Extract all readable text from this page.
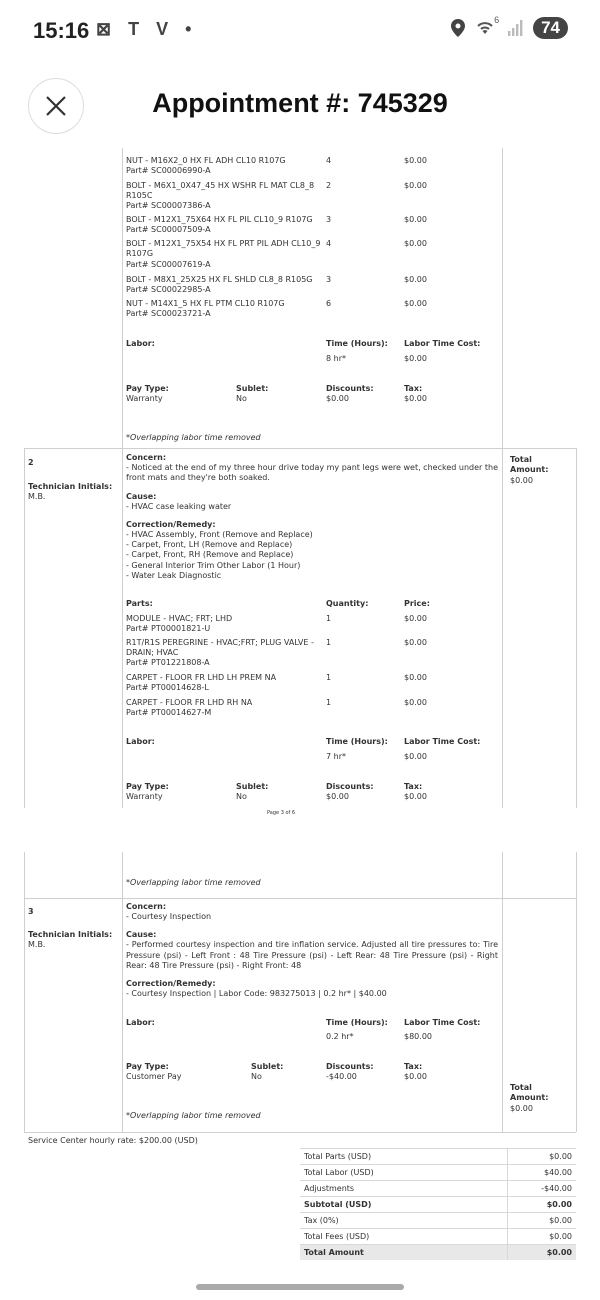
15:16 ⊠ T V •	6	74
Appointment #: 745329
NUT - M16X2_0 HX FL ADH CL10 R107G
Part# SC00006990-A
4	$0.00
BOLT - M6X1_0X47_45 HX WSHR FL MAT CL8_8
R105C
Part# SC00007386-A
2	$0.00
BOLT - M12X1_75X64 HX FL PIL CL10_9 R107G
Part# SC00007509-A
3	$0.00
BOLT - M12X1_75X54 HX FL PRT PIL ADH CL10_9
R107G
Part# SC00007619-A
4	$0.00
BOLT - M8X1_25X25 HX FL SHLD CL8_8 R105G
Part# SC00022985-A
3	$0.00
NUT - M14X1_5 HX FL PTM CL10 R107G
Part# SC00023721-A
6	$0.00
Labor:	Time (Hours): Labor Time Cost:
8 hr*	$0.00
Pay Type:	Sublet:	Discounts:	Tax:
Warranty	No	$0.00	$0.00
*Overlapping labor time removed
2
Technician Initials:
M.B.
Concern:
- Noticed at the end of my three hour drive today my pant legs were wet, checked under the front mats and they're both soaked.
Cause:
- HVAC case leaking water
Correction/Remedy:
- HVAC Assembly, Front (Remove and Replace)
- Carpet, Front, LH (Remove and Replace)
- Carpet, Front, RH (Remove and Replace)
- General Interior Trim Other Labor (1 Hour)
- Water Leak Diagnostic
Parts:	Quantity:	Price:
MODULE - HVAC; FRT; LHD
Part# PT00001821-U
1	$0.00
R1T/R1S PEREGRINE - HVAC;FRT; PLUG VALVE -
DRAIN; HVAC
Part# PT01221808-A
1	$0.00
CARPET - FLOOR FR LHD LH PREM NA
Part# PT00014628-L
1	$0.00
CARPET - FLOOR FR LHD RH NA
Part# PT00014627-M
1	$0.00
Labor:	Time (Hours): Labor Time Cost:
7 hr*	$0.00
Pay Type:	Sublet:	Discounts:	Tax:
Warranty	No	$0.00	$0.00
Total Amount:
$0.00
Page 3 of 6
*Overlapping labor time removed
3
Technician Initials:
M.B.
Concern:
- Courtesy Inspection
Cause:
- Performed courtesy inspection and tire inflation service. Adjusted all tire pressures to: Tire Pressure (psi) - Left Front : 48 Tire Pressure (psi) - Left Rear: 48 Tire Pressure (psi) - Right Rear: 48 Tire Pressure (psi) - Right Front: 48
Correction/Remedy:
- Courtesy Inspection | Labor Code: 983275013 | 0.2 hr* | $40.00
Labor:	Time (Hours): Labor Time Cost:
0.2 hr*	$80.00
Pay Type:	Sublet:	Discounts:	Tax:
Customer Pay	No	-$40.00	$0.00
Total Amount:
$0.00
*Overlapping labor time removed
Service Center hourly rate: $200.00 (USD)
Total Parts (USD)	$0.00
Total Labor (USD)	$40.00
Adjustments	-$40.00
Subtotal (USD)	$0.00
Tax (0%)	$0.00
Total Fees (USD)	$0.00
Total Amount	$0.00
